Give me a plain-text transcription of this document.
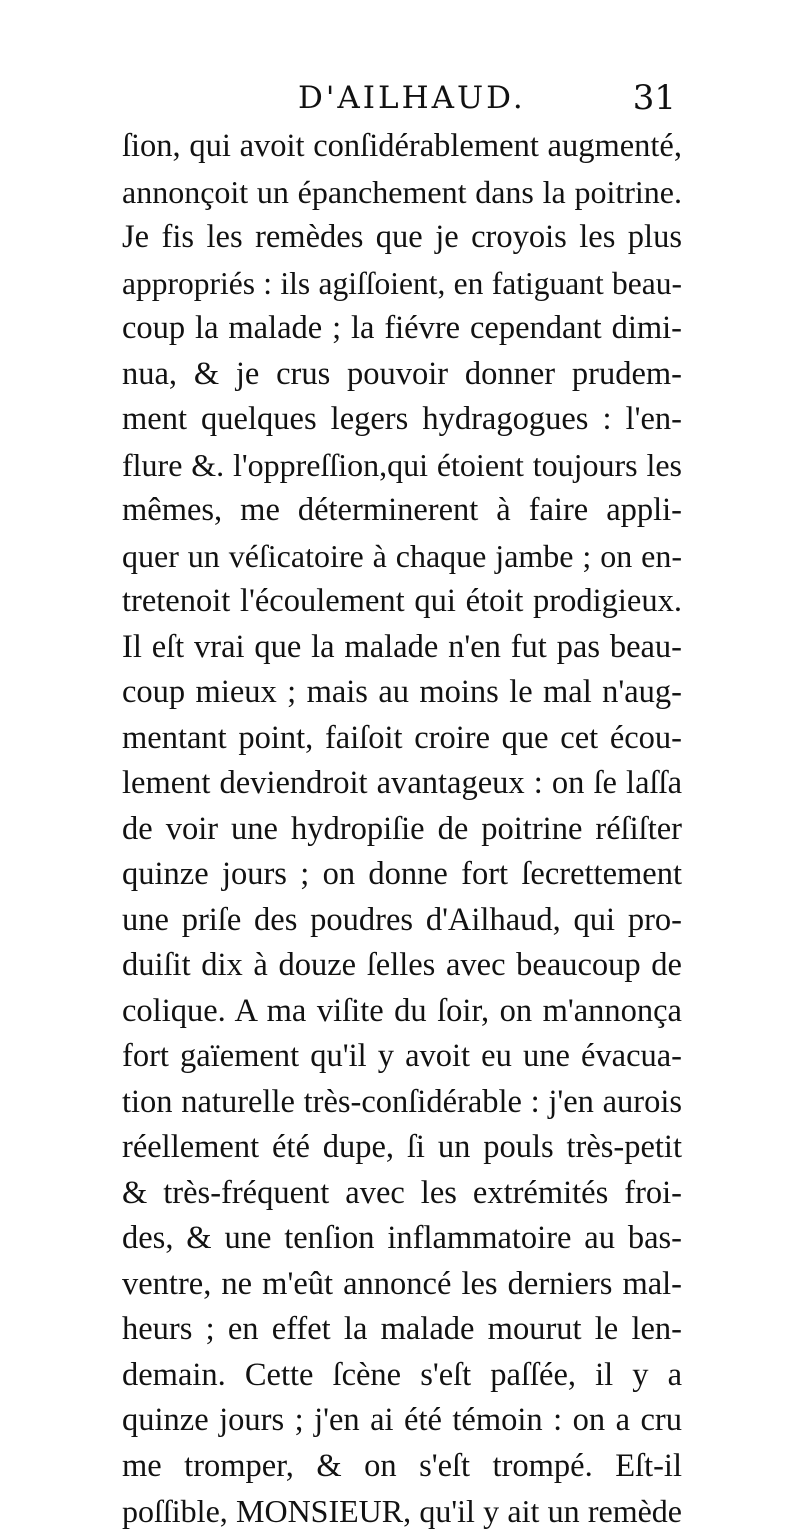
D'AILHAUD.	31
ſion, qui avoit conſidérablement augmenté,
annonçoit un épanchement dans la poitrine.
Je fis les remèdes que je croyois les plus
appropriés : ils agiſſoient, en fatiguant beau-
coup la malade ; la fiévre cependant dimi-
nua, & je crus pouvoir donner prudem-
ment quelques legers hydragogues : l'en-
flure &. l'oppreſſion,qui étoient toujours les
mêmes, me déterminerent à faire appli-
quer un véſicatoire à chaque jambe ; on en-
tretenoit l'écoulement qui étoit prodigieux.
Il eſt vrai que la malade n'en fut pas beau-
coup mieux ; mais au moins le mal n'aug-
mentant point, faiſoit croire que cet écou-
lement deviendroit avantageux : on ſe laſſa
de voir une hydropiſie de poitrine réſiſter
quinze jours ; on donne fort ſecrettement
une priſe des poudres d'Ailhaud, qui pro-
duiſit dix à douze ſelles avec beaucoup de
colique. A ma viſite du ſoir, on m'annonça
fort gaïement qu'il y avoit eu une évacua-
tion naturelle très-conſidérable : j'en aurois
réellement été dupe, ſi un pouls très-petit
& très-fréquent avec les extrémités froi-
des, & une tenſion inflammatoire au bas-
ventre, ne m'eût annoncé les derniers mal-
heurs ; en effet la malade mourut le len-
demain. Cette ſcène s'eſt paſſée, il y a
quinze jours ; j'en ai été témoin : on a cru
me tromper, & on s'eſt trompé. Eſt-il
poſſible, MONSIEUR, qu'il y ait un remède
